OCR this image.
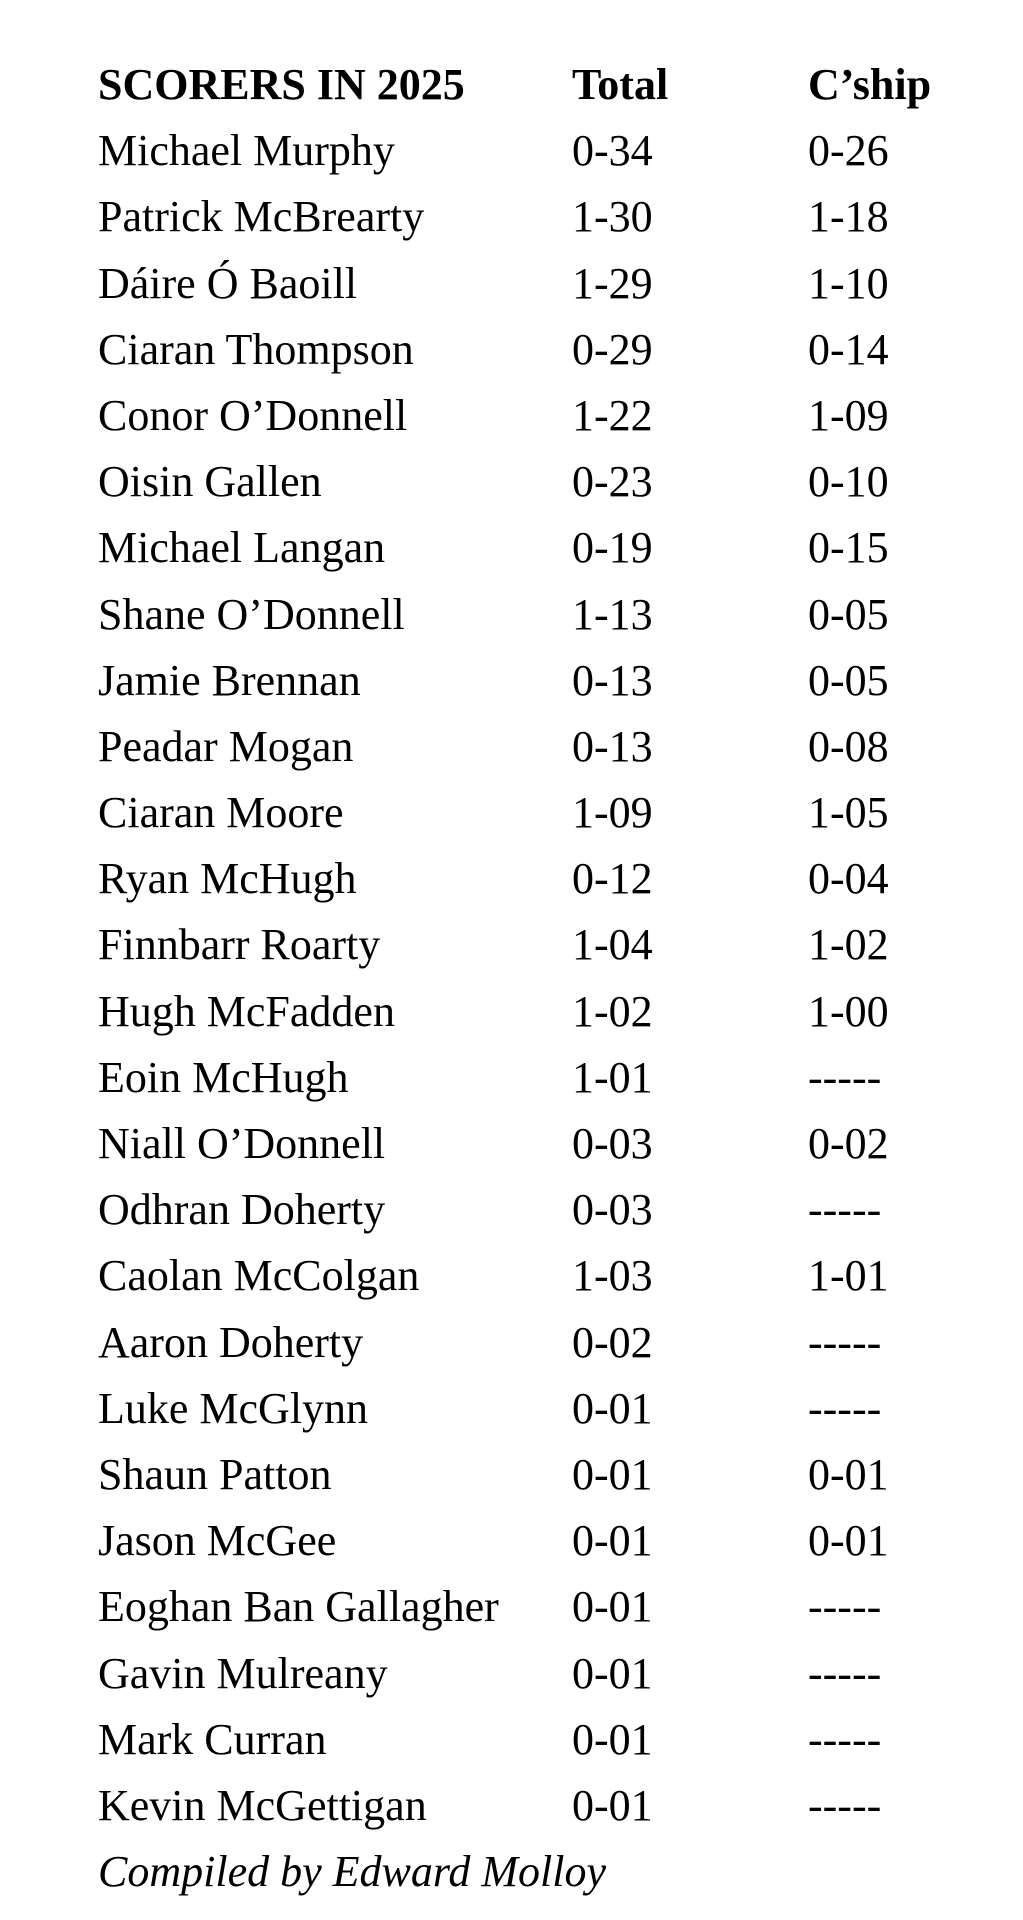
SCORERS IN 2025 Total	C’ship
Michael Murphy	0-34	0-26
Patrick McBrearty	1-30	1-18
Dáire Ó Baoill	1-29	1-10
Ciaran Thompson	0-29	0-14
Conor O’Donnell	1-22	1-09
Oisin Gallen	0-23	0-10
Michael Langan	0-19	0-15
Shane O’Donnell	1-13	0-05
Jamie Brennan	0-13	0-05
Peadar Mogan	0-13	0-08
Ciaran Moore	1-09	1-05
Ryan McHugh	0-12	0-04
Finnbarr Roarty	1-04	1-02
Hugh McFadden	1-02	1-00
Eoin McHugh	1-01	-----
Niall O’Donnell	0-03	0-02
Odhran Doherty	0-03	-----
Caolan McColgan	1-03	1-01
Aaron Doherty	0-02	-----
Luke McGlynn	0-01	-----
Shaun Patton	0-01	0-01
Jason McGee	0-01	0-01
Eoghan Ban Gallagher 0-01	-----
Gavin Mulreany	0-01	-----
Mark Curran	0-01	-----
Kevin McGettigan	0-01	-----
Compiled by Edward Molloy
